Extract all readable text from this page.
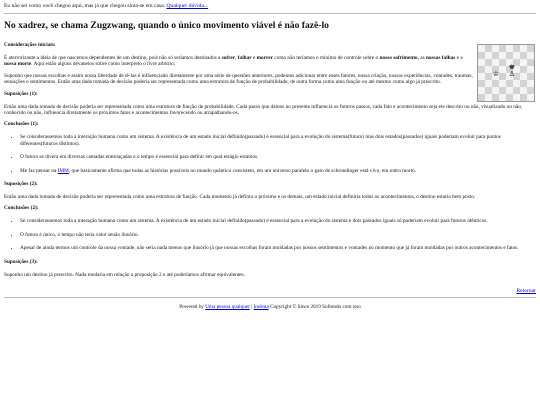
Eu não sei como você chegou aqui, mas já que chegou sinta-se em casa. Qualquer dúvida...
No xadrez, se chama Zugzwang, quando o único movimento viável é não fazê-lo
♚
♔ ♙
Considerações iniciais:
É aterrorizante a ideia de que nascemos dependentes de um destino, pois não só seríamos destinados a sofrer, falhar e morrer como não teríamos o mínimo de controle sobre o nosso sofrimento, as nossas falhas e a nossa morte. Aqui estão alguns devaneios sobre como interpreto o livre arbítrio.
Suponho que nossas escolhas e assim nossa liberdade de tê-las é influenciado diretamente por uma série de questões anteriores, podemos adicionar entre esses fatores, nossa criação, nossas experiências, vontades, traumas, sensações e sentimentos. Então uma dada tomada de decisão poderia ser representada como uma estrutura de função de probabilidade, de outra forma como uma função ou até mesmo como algo já prescrito.
Suposições (1):
Então uma dada tomada de decisão poderia ser representada como uma estrutura de função de probabilidade. Cada passo que damos no presente influencia os futuros passos, cada fato e acontecimento seja ele descrito ou não, visualizado ou não, conhecido ou não, influencia diretamente os próximos fatos e acontecimentos favorecendo ou atrapalhando-os.
Conclusões (1):
• Se considerassemos toda a interação humana como um sistema. A existência de um estado inicial definido(passado) é essencial para a evolução do sistema(futuro) mas dois estados(passados) iguais poderiam evoluir para pontos diferentes(futuros distintos).
• O futuro se divera em diversas camadas entrelaçadas e o tempo é essencial para definir em qual estágio estamos.
• Me faz pensar na IMM, que basicamente afirma que todas as histórias possíveis no mundo quântico coexistem, em um universo paralelo o gato de schrondinger está vivo, em outro morto.
Suposições (2):
Então uma dada tomada de decisão poderia ser representada como uma estrutura de função. Cada momento já definiu o próximo e os demais, um estado inicial definiria todos os acontecimentos, o destino estaria bem posto.
Conclusões (2):
• Se considerassemos toda a interação humana como um sistema. A existência de um estado inicial definido(passado) é essencial para a evolução do sistema e dois passados iguais só poderiam evoluir para futuros idênticos.
• O futuro é único, o tempo não teria valor senão ilusório.
• Apesar de ainda termos um controle da nossa vontade, não seria nada menos que ilusório já que nossas escolhas foram moldadas por nossos sentimentos e vontades no momento que já foram moldadas por outros acontecimentos e fatos.
Suposições (3):
Suponho um destino já prescrito. Nada mudaria em relação a proposição 2 e até poderíamos afirmar equivalentes.
Retornar
Powered by Uma pessoa qualquer | Insônia Copyright © Since 2019 Sofrendo com isso
